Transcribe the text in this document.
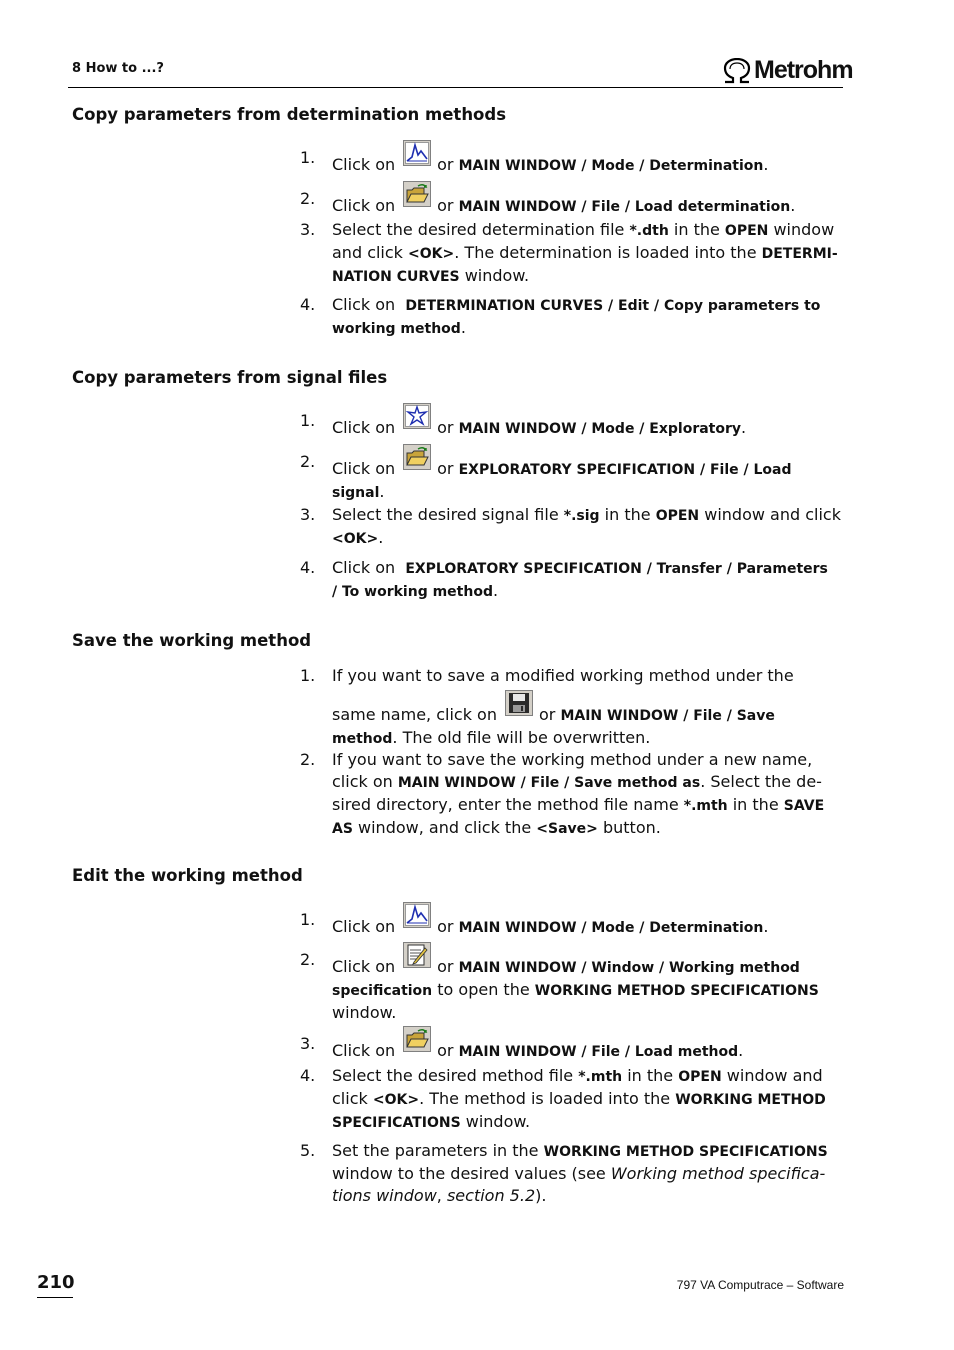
8 How to ...?	Metrohm
Copy parameters from determination methods
1. Click on	or MAIN WINDOW / Mode / Determination.
2. Click on	or MAIN WINDOW / File / Load determination.
3. Select the desired determination file *.dth in the OPEN window and click <OK>. The determination is loaded into the DETERMI-
NATION CURVES window.
4. Click on DETERMINATION CURVES / Edit / Copy parameters to
working method.
Copy parameters from signal files
1. Click on	or MAIN WINDOW / Mode / Exploratory.
2. Click on	or EXPLORATORY SPECIFICATION / File / Load
signal.
3. Select the desired signal file *.sig in the OPEN window and click
<OK>.
4. Click on EXPLORATORY SPECIFICATION / Transfer / Parameters
/ To working method.
Save the working method
1. If you want to save a modified working method under the

same name, click on	or MAIN WINDOW / File / Save
method. The old file will be overwritten.
2. If you want to save the working method under a new name,
click on MAIN WINDOW / File / Save method as. Select the de-
sired directory, enter the method file name *.mth in the SAVE
AS window, and click the <Save> button.
Edit the working method
1. Click on	or MAIN WINDOW / Mode / Determination.
2. Click on	or MAIN WINDOW / Window / Working method
specification to open the WORKING METHOD SPECIFICATIONS
window.
3. Click on	or MAIN WINDOW / File / Load method.
4. Select the desired method file *.mth in the OPEN window and
click <OK>. The method is loaded into the WORKING METHOD
SPECIFICATIONS window.
5. Set the parameters in the WORKING METHOD SPECIFICATIONS
window to the desired values (see Working method specifica-
tions window, section 5.2).
210	797 VA Computrace – Software
